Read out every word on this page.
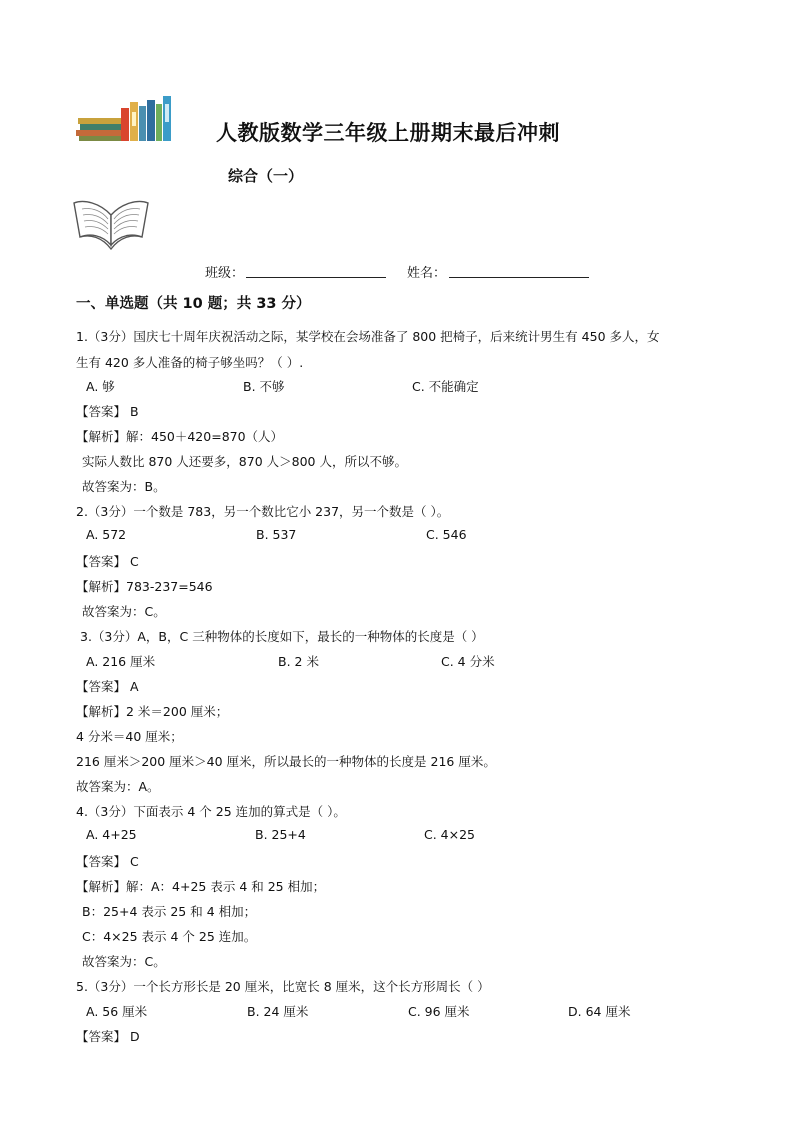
人教版数学三年级上册期末最后冲刺
综合（一）
班级：	姓名：
一、单选题（共 10 题；共 33 分）
1.（3分）国庆七十周年庆祝活动之际，某学校在会场准备了 800 把椅子，后来统计男生有 450 多人，女
生有 420 多人准备的椅子够坐吗？（ ）.
A. 够	B. 不够	C. 不能确定
【答案】 B
【解析】解：450＋420=870（人）
实际人数比 870 人还要多，870 人＞800 人，所以不够。
故答案为：B。
2.（3分）一个数是 783，另一个数比它小 237，另一个数是（ ）。
A. 572	B. 537	C. 546
【答案】 C
【解析】783-237=546
故答案为：C。
3.（3分）A，B，C 三种物体的长度如下，最长的一种物体的长度是（ ）
A. 216 厘米	B. 2 米	C. 4 分米
【答案】 A
【解析】2 米＝200 厘米；
4 分米＝40 厘米；
216 厘米＞200 厘米＞40 厘米，所以最长的一种物体的长度是 216 厘米。
故答案为：A。
4.（3分）下面表示 4 个 25 连加的算式是（ ）。
A. 4+25	B. 25+4	C. 4×25
【答案】 C
【解析】解：A：4+25 表示 4 和 25 相加；
B：25+4 表示 25 和 4 相加；
C：4×25 表示 4 个 25 连加。
故答案为：C。
5.（3分）一个长方形长是 20 厘米，比宽长 8 厘米，这个长方形周长（ ）
A. 56 厘米	B. 24 厘米	C. 96 厘米	D. 64 厘米
【答案】 D
